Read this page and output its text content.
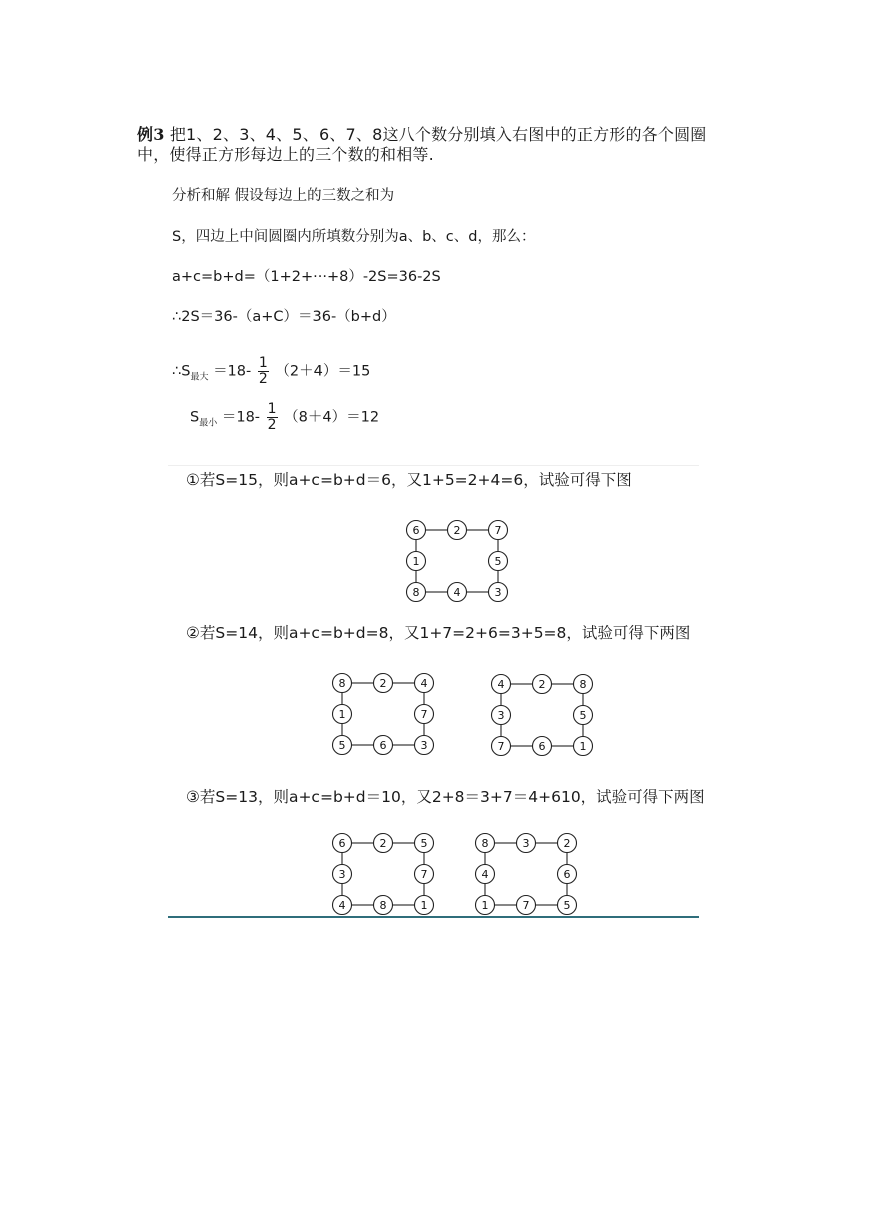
例3 把1、2、3、4、5、6、7、8这八个数分别填入右图中的正方形的各个圆圈
中，使得正方形每边上的三个数的和相等.
分析和解 假设每边上的三数之和为
S，四边上中间圆圈内所填数分别为a、b、c、d，那么：
a+c=b+d=（1+2+···+8）-2S=36-2S
∴2S＝36-（a+C）＝36-（b+d）
$\therefore S_{最大} =18- \frac{1}{2} (2+4)=15$
$S_{最小} =18- \frac{1}{2} (8+4)=12$
①若S=15，则a+c=b+d＝6，又1+5=2+4=6，试验可得下图
6	2	7
1	5
8	4	3
②若S=14，则a+c=b+d=8，又1+7=2+6=3+5=8，试验可得下两图
8	2	4
1	7
5	6	3
4	2	8
3	5
7	6	1
③若S=13，则a+c=b+d＝10，又2+8＝3+7＝4+610，试验可得下两图
6	2	5
3	7
4	8	1
8	3	2
4	6
1	7	5
